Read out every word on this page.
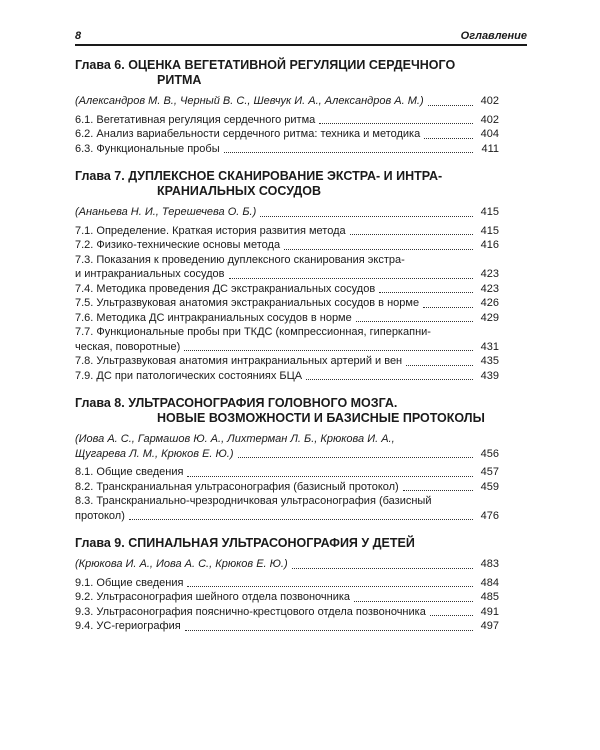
8	Оглавление
Глава 6. ОЦЕНКА ВЕГЕТАТИВНОЙ РЕГУЛЯЦИИ СЕРДЕЧНОГО
РИТМА
(Александров М. В., Черный В. С., Шевчук И. А., Александров А. М.)	402
6.1. Вегетативная регуляция сердечного ритма	402
6.2. Анализ вариабельности сердечного ритма: техника и методика	404
6.3. Функциональные пробы	411
Глава 7. ДУПЛЕКСНОЕ СКАНИРОВАНИЕ ЭКСТРА- И ИНТРА-
КРАНИАЛЬНЫХ СОСУДОВ
(Ананьева Н. И., Терешечева О. Б.)	415
7.1. Определение. Краткая история развития метода	415
7.2. Физико-технические основы метода	416
7.3. Показания к проведению дуплексного сканирования экстра-
и интракраниальных сосудов	423
7.4. Методика проведения ДС экстракраниальных сосудов	423
7.5. Ультразвуковая анатомия экстракраниальных сосудов в норме	426
7.6. Методика ДС интракраниальных сосудов в норме	429
7.7. Функциональные пробы при ТКДС (компрессионная, гиперкапни-
ческая, поворотные)	431
7.8. Ультразвуковая анатомия интракраниальных артерий и вен	435
7.9. ДС при патологических состояниях БЦА	439
Глава 8. УЛЬТРАСОНОГРАФИЯ ГОЛОВНОГО МОЗГА.
НОВЫЕ ВОЗМОЖНОСТИ И БАЗИСНЫЕ ПРОТОКОЛЫ
(Иова А. С., Гармашов Ю. А., Лихтерман Л. Б., Крюкова И. А.,
Щугарева Л. М., Крюков Е. Ю.)	456
8.1. Общие сведения	457
8.2. Транскраниальная ультрасонография (базисный протокол)	459
8.3. Транскраниально-чрезродничковая ультрасонография (базисный
протокол)	476
Глава 9. СПИНАЛЬНАЯ УЛЬТРАСОНОГРАФИЯ У ДЕТЕЙ
(Крюкова И. А., Иова А. С., Крюков Е. Ю.)	483
9.1. Общие сведения	484
9.2. Ультрасонография шейного отдела позвоночника	485
9.3. Ультрасонография пояснично-крестцового отдела позвоночника	491
9.4. УС-гериография	497
